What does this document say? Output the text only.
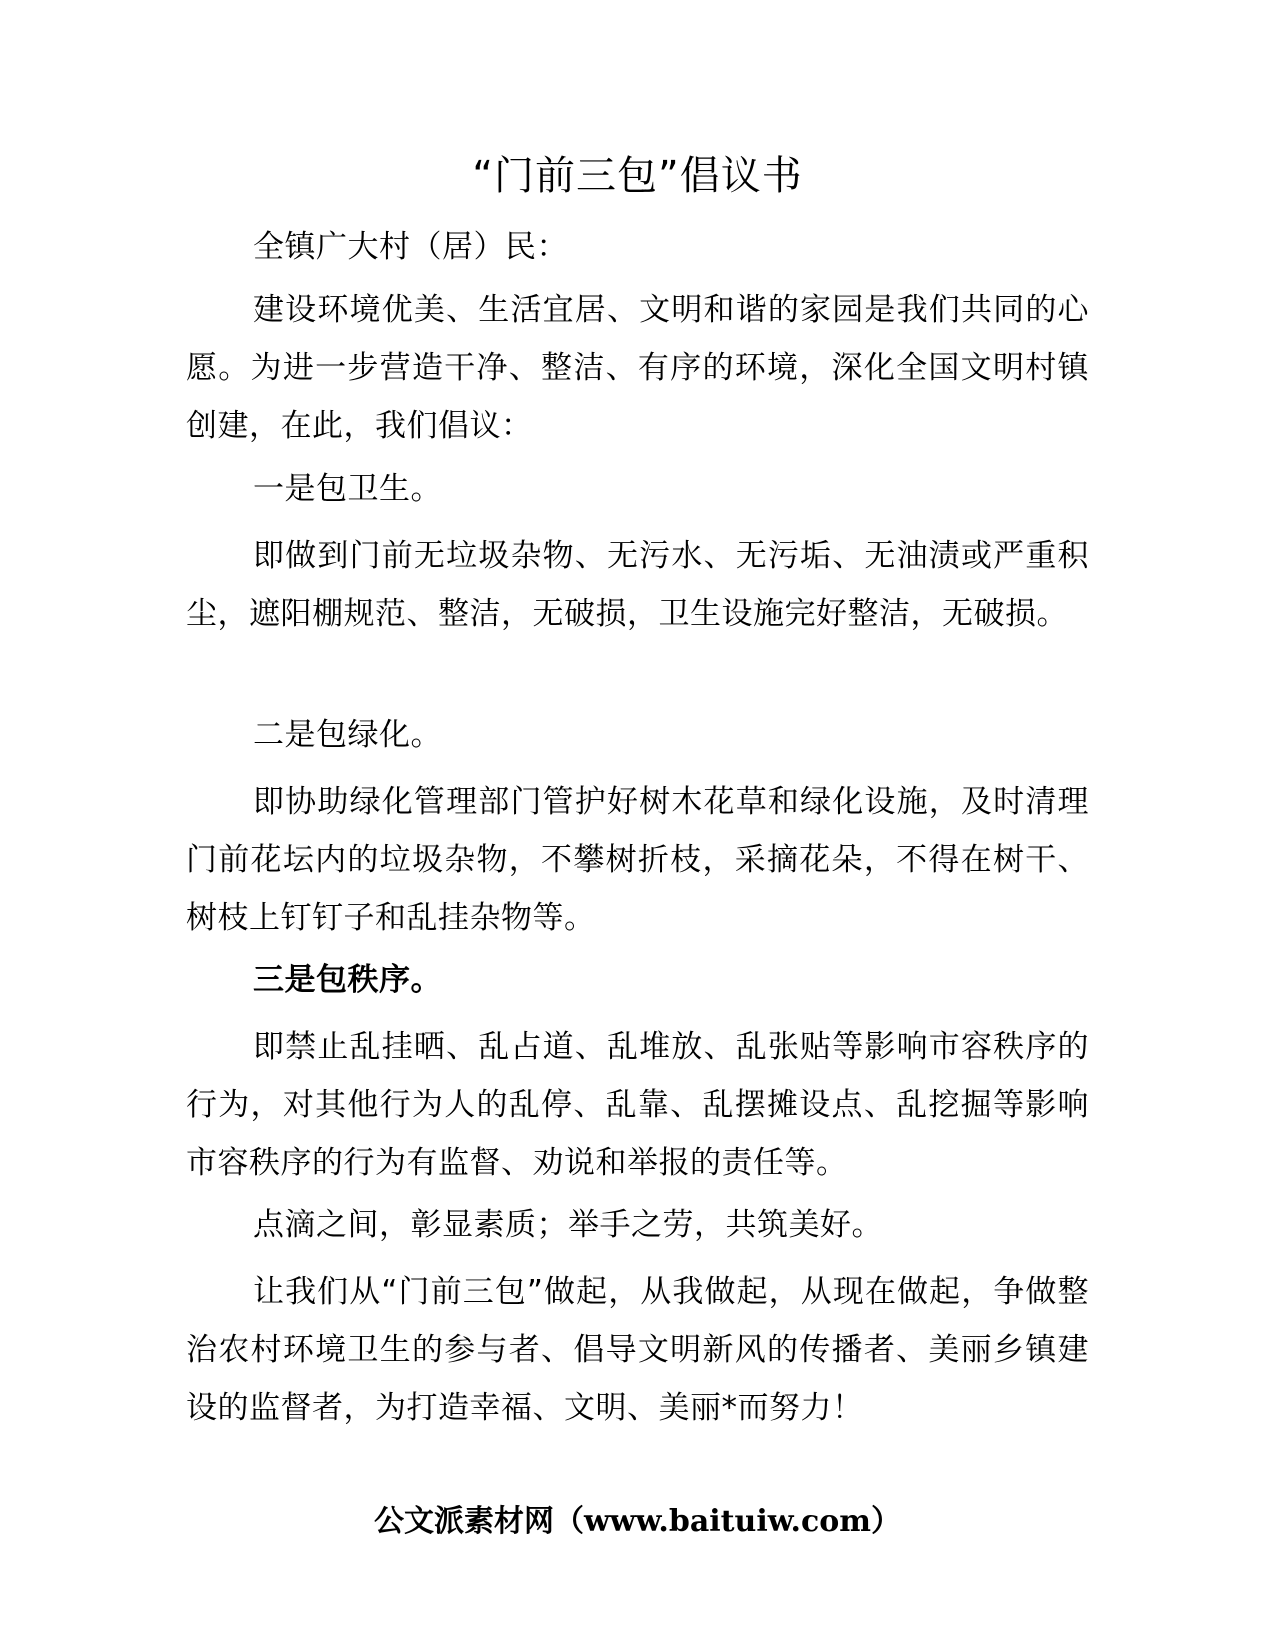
“门前三包”倡议书

全镇广大村（居）民：

建设环境优美、生活宜居、文明和谐的家园是我们共同的心愿。为进一步营造干净、整洁、有序的环境，深化全国文明村镇创建，在此，我们倡议：

一是包卫生。

即做到门前无垃圾杂物、无污水、无污垢、无油渍或严重积尘，遮阳棚规范、整洁，无破损，卫生设施完好整洁，无破损。

二是包绿化。

即协助绿化管理部门管护好树木花草和绿化设施，及时清理门前花坛内的垃圾杂物，不攀树折枝，采摘花朵，不得在树干、树枝上钉钉子和乱挂杂物等。

三是包秩序。

即禁止乱挂晒、乱占道、乱堆放、乱张贴等影响市容秩序的行为，对其他行为人的乱停、乱靠、乱摆摊设点、乱挖掘等影响市容秩序的行为有监督、劝说和举报的责任等。

点滴之间，彰显素质；举手之劳，共筑美好。

让我们从“门前三包”做起，从我做起，从现在做起，争做整治农村环境卫生的参与者、倡导文明新风的传播者、美丽乡镇建设的监督者，为打造幸福、文明、美丽*而努力！

公文派素材网（www.baituiw.com）
